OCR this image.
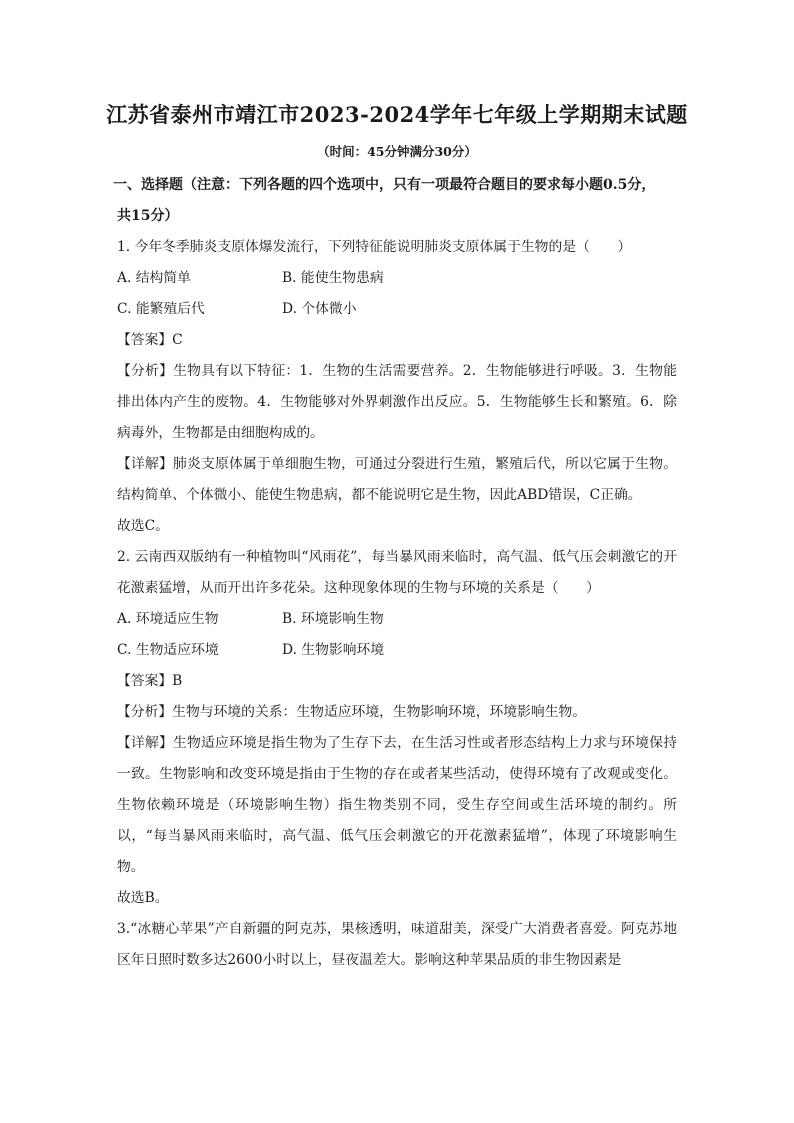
江苏省泰州市靖江市2023-2024学年七年级上学期期末试题
（时间：45分钟满分30分）
一、选择题（注意：下列各题的四个选项中，只有一项最符合题目的要求每小题0.5分，
共15分）
1. 今年冬季肺炎支原体爆发流行，下列特征能说明肺炎支原体属于生物的是（　　）
A. 结构简单	B. 能使生物患病
C. 能繁殖后代	D. 个体微小
【答案】C
【分析】生物具有以下特征：1．生物的生活需要营养。2．生物能够进行呼吸。3．生物能排出体内产生的废物。4．生物能够对外界刺激作出反应。5．生物能够生长和繁殖。6．除病毒外，生物都是由细胞构成的。
【详解】肺炎支原体属于单细胞生物，可通过分裂进行生殖，繁殖后代，所以它属于生物。结构简单、个体微小、能使生物患病，都不能说明它是生物，因此ABD错误，C正确。
故选C。
2. 云南西双版纳有一种植物叫“风雨花”，每当暴风雨来临时，高气温、低气压会刺激它的开花激素猛增，从而开出许多花朵。这种现象体现的生物与环境的关系是（　　）
A. 环境适应生物	B. 环境影响生物
C. 生物适应环境	D. 生物影响环境
【答案】B
【分析】生物与环境的关系：生物适应环境，生物影响环境，环境影响生物。
【详解】生物适应环境是指生物为了生存下去，在生活习性或者形态结构上力求与环境保持一致。生物影响和改变环境是指由于生物的存在或者某些活动，使得环境有了改观或变化。生物依赖环境是（环境影响生物）指生物类别不同，受生存空间或生活环境的制约。所以，“每当暴风雨来临时，高气温、低气压会刺激它的开花激素猛增”，体现了环境影响生物。
故选B。
3.“冰糖心苹果”产自新疆的阿克苏，果核透明，味道甜美，深受广大消费者喜爱。阿克苏地区年日照时数多达2600小时以上，昼夜温差大。影响这种苹果品质的非生物因素是
